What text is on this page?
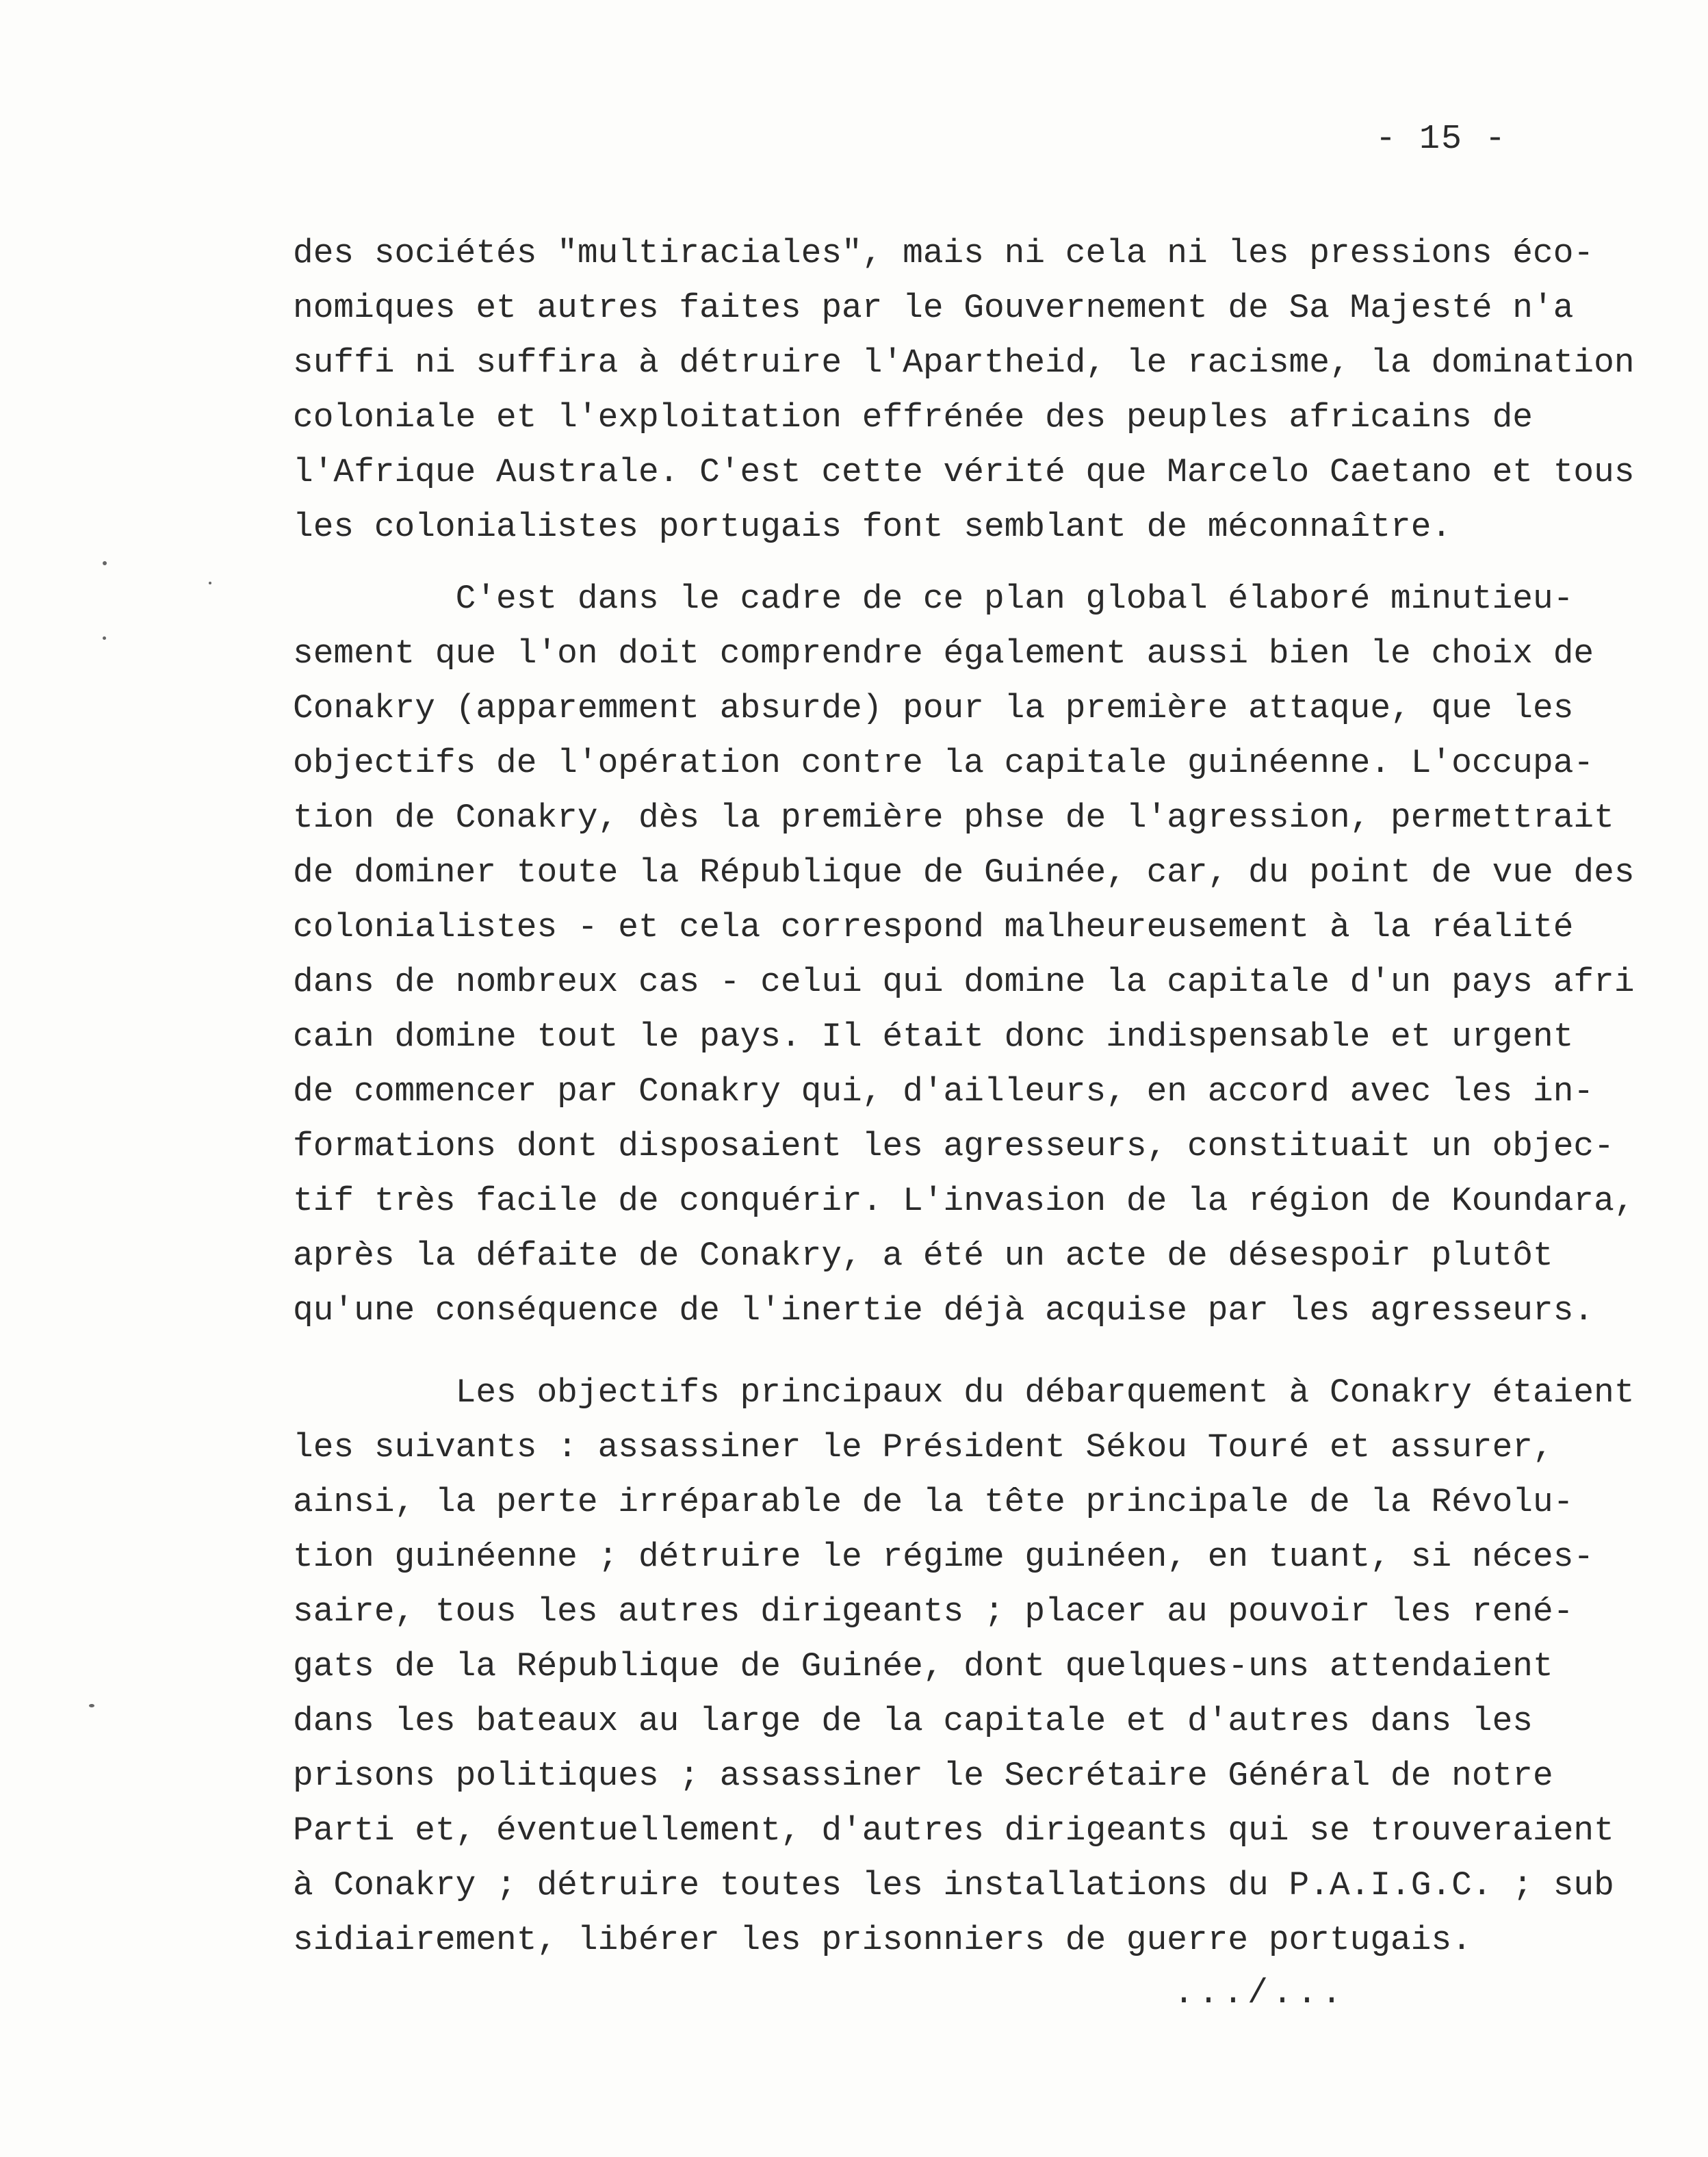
- 15 -
des sociétés "multiraciales", mais ni cela ni les pressions éco-
nomiques et autres faites par le Gouvernement de Sa Majesté n'a
suffi ni suffira à détruire l'Apartheid, le racisme, la domination
coloniale et l'exploitation effrénée des peuples africains de
l'Afrique Australe. C'est cette vérité que Marcelo Caetano et tous
les colonialistes portugais font semblant de méconnaître.
C'est dans le cadre de ce plan global élaboré minutieu-
sement que l'on doit comprendre également aussi bien le choix de
Conakry (apparemment absurde) pour la première attaque, que les
objectifs de l'opération contre la capitale guinéenne. L'occupa-
tion de Conakry, dès la première phse de l'agression, permettrait
de dominer toute la République de Guinée, car, du point de vue des
colonialistes - et cela correspond malheureusement à la réalité
dans de nombreux cas - celui qui domine la capitale d'un pays afri
cain domine tout le pays. Il était donc indispensable et urgent
de commencer par Conakry qui, d'ailleurs, en accord avec les in-
formations dont disposaient les agresseurs, constituait un objec-
tif très facile de conquérir. L'invasion de la région de Koundara,
après la défaite de Conakry, a été un acte de désespoir plutôt
qu'une conséquence de l'inertie déjà acquise par les agresseurs.
Les objectifs principaux du débarquement à Conakry étaient
les suivants : assassiner le Président Sékou Touré et assurer,
ainsi, la perte irréparable de la tête principale de la Révolu-
tion guinéenne ; détruire le régime guinéen, en tuant, si néces-
saire, tous les autres dirigeants ; placer au pouvoir les rené-
gats de la République de Guinée, dont quelques-uns attendaient
dans les bateaux au large de la capitale et d'autres dans les
prisons politiques ; assassiner le Secrétaire Général de notre
Parti et, éventuellement, d'autres dirigeants qui se trouveraient
à Conakry ; détruire toutes les installations du P.A.I.G.C. ; sub
sidiairement, libérer les prisonniers de guerre portugais.
.../...
